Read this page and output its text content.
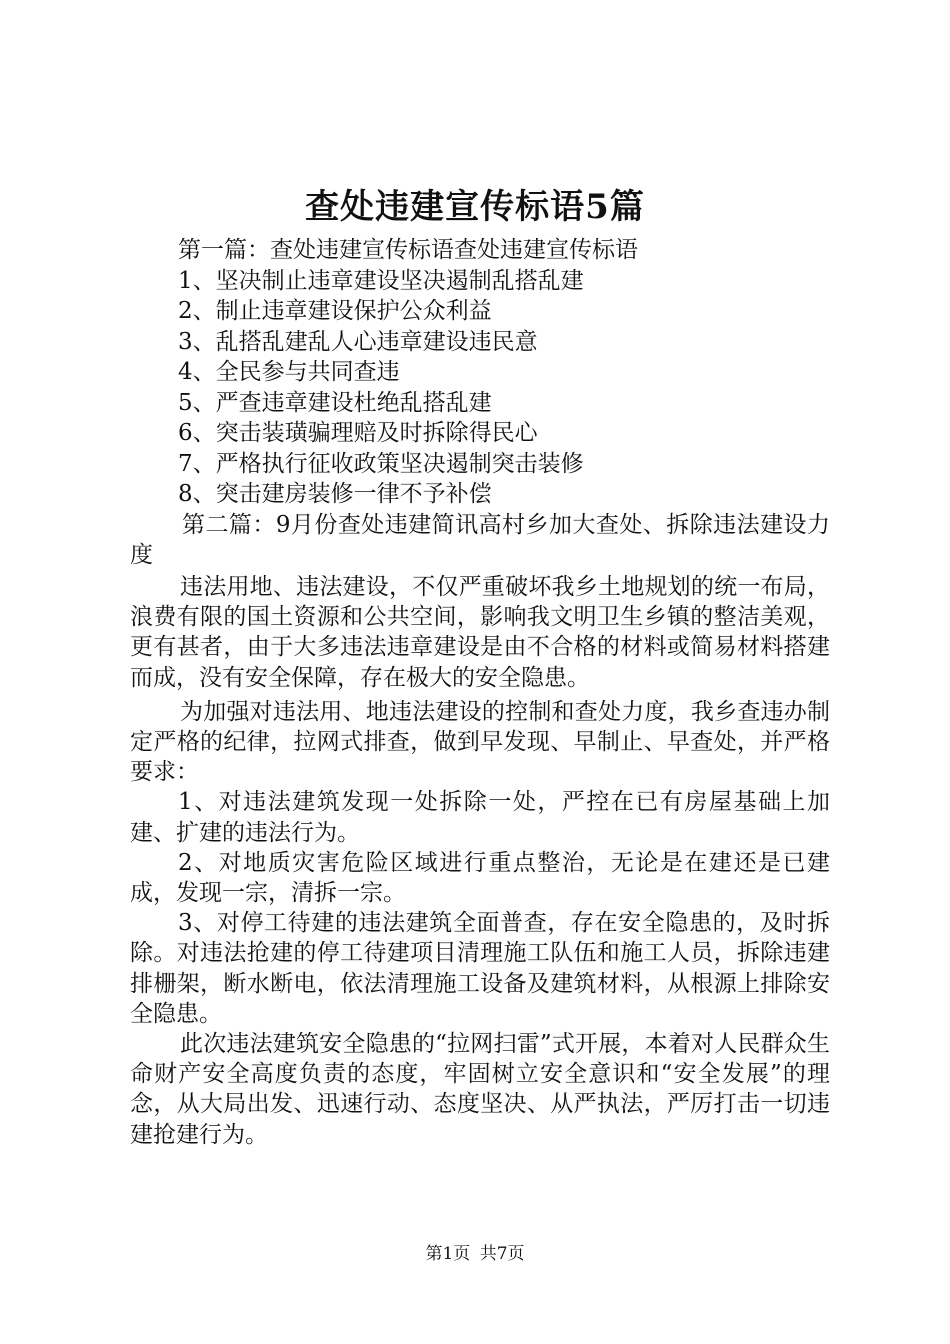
查处违建宣传标语5篇
第一篇：查处违建宣传标语查处违建宣传标语
1、坚决制止违章建设坚决遏制乱搭乱建
2、制止违章建设保护公众利益
3、乱搭乱建乱人心违章建设违民意
4、全民参与共同查违
5、严查违章建设杜绝乱搭乱建
6、突击装璜骗理赔及时拆除得民心
7、严格执行征收政策坚决遏制突击装修
8、突击建房装修一律不予补偿

第二篇：9月份查处违建简讯高村乡加大查处、拆除违法建设力度

违法用地、违法建设，不仅严重破坏我乡土地规划的统一布局，浪费有限的国土资源和公共空间，影响我文明卫生乡镇的整洁美观，更有甚者，由于大多违法违章建设是由不合格的材料或简易材料搭建而成，没有安全保障，存在极大的安全隐患。

为加强对违法用、地违法建设的控制和查处力度，我乡查违办制定严格的纪律，拉网式排查，做到早发现、早制止、早查处，并严格要求：

1、对违法建筑发现一处拆除一处，严控在已有房屋基础上加建、扩建的违法行为。

2、对地质灾害危险区域进行重点整治，无论是在建还是已建成，发现一宗，清拆一宗。

3、对停工待建的违法建筑全面普查，存在安全隐患的，及时拆除。对违法抢建的停工待建项目清理施工队伍和施工人员，拆除违建排栅架，断水断电，依法清理施工设备及建筑材料，从根源上排除安全隐患。

此次违法建筑安全隐患的“拉网扫雷”式开展，本着对人民群众生命财产安全高度负责的态度，牢固树立安全意识和“安全发展”的理念，从大局出发、迅速行动、态度坚决、从严执法，严厉打击一切违建抢建行为。

第1页 共7页
